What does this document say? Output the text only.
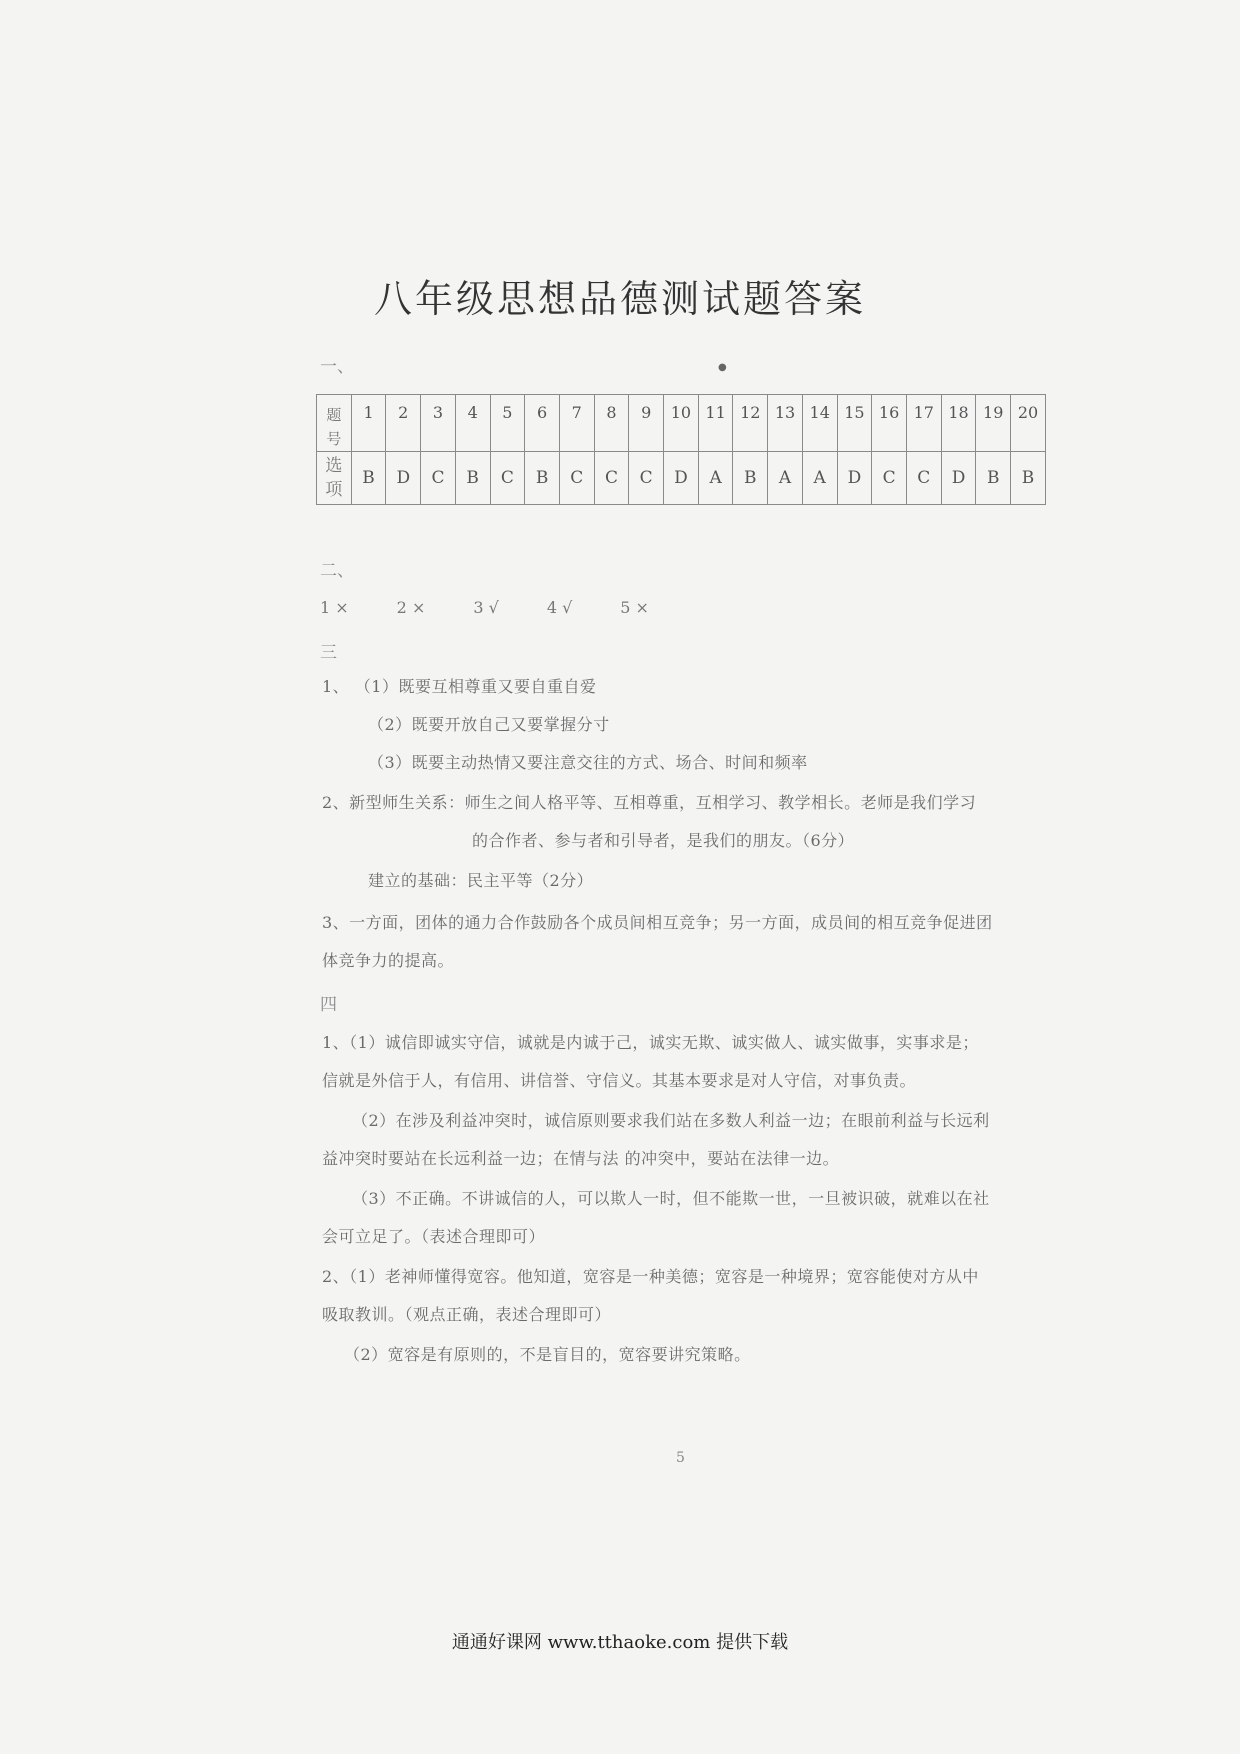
八年级思想品德测试题答案
一、	●
题
号	1	2	3	4	5	6	7	8	9	10	11	12	13	14	15	16	17	18	19	20

选
项	B	D	C	B	C	B	C	C	C	D	A	B	A	A	D	C	C	D	B	B
二、
1 ×	2 ×	3 √	4 √	5 ×
三
1、 （1）既要互相尊重又要自重自爱
（2）既要开放自己又要掌握分寸
（3）既要主动热情又要注意交往的方式、场合、时间和频率
2、新型师生关系：师生之间人格平等、互相尊重，互相学习、教学相长。老师是我们学习
的合作者、参与者和引导者，是我们的朋友。（6分）
建立的基础：民主平等（2分）
3、一方面，团体的通力合作鼓励各个成员间相互竞争；另一方面，成员间的相互竞争促进团
体竞争力的提高。
四
1、（1）诚信即诚实守信，诚就是内诚于己，诚实无欺、诚实做人、诚实做事，实事求是；
信就是外信于人，有信用、讲信誉、守信义。其基本要求是对人守信，对事负责。
（2）在涉及利益冲突时，诚信原则要求我们站在多数人利益一边；在眼前利益与长远利
益冲突时要站在长远利益一边；在情与法 的冲突中，要站在法律一边。
（3）不正确。不讲诚信的人，可以欺人一时，但不能欺一世，一旦被识破，就难以在社
会可立足了。（表述合理即可）
2、（1）老神师懂得宽容。他知道，宽容是一种美德；宽容是一种境界；宽容能使对方从中
吸取教训。（观点正确，表述合理即可）
（2）宽容是有原则的，不是盲目的，宽容要讲究策略。
5
通通好课网 www.tthaoke.com 提供下载
